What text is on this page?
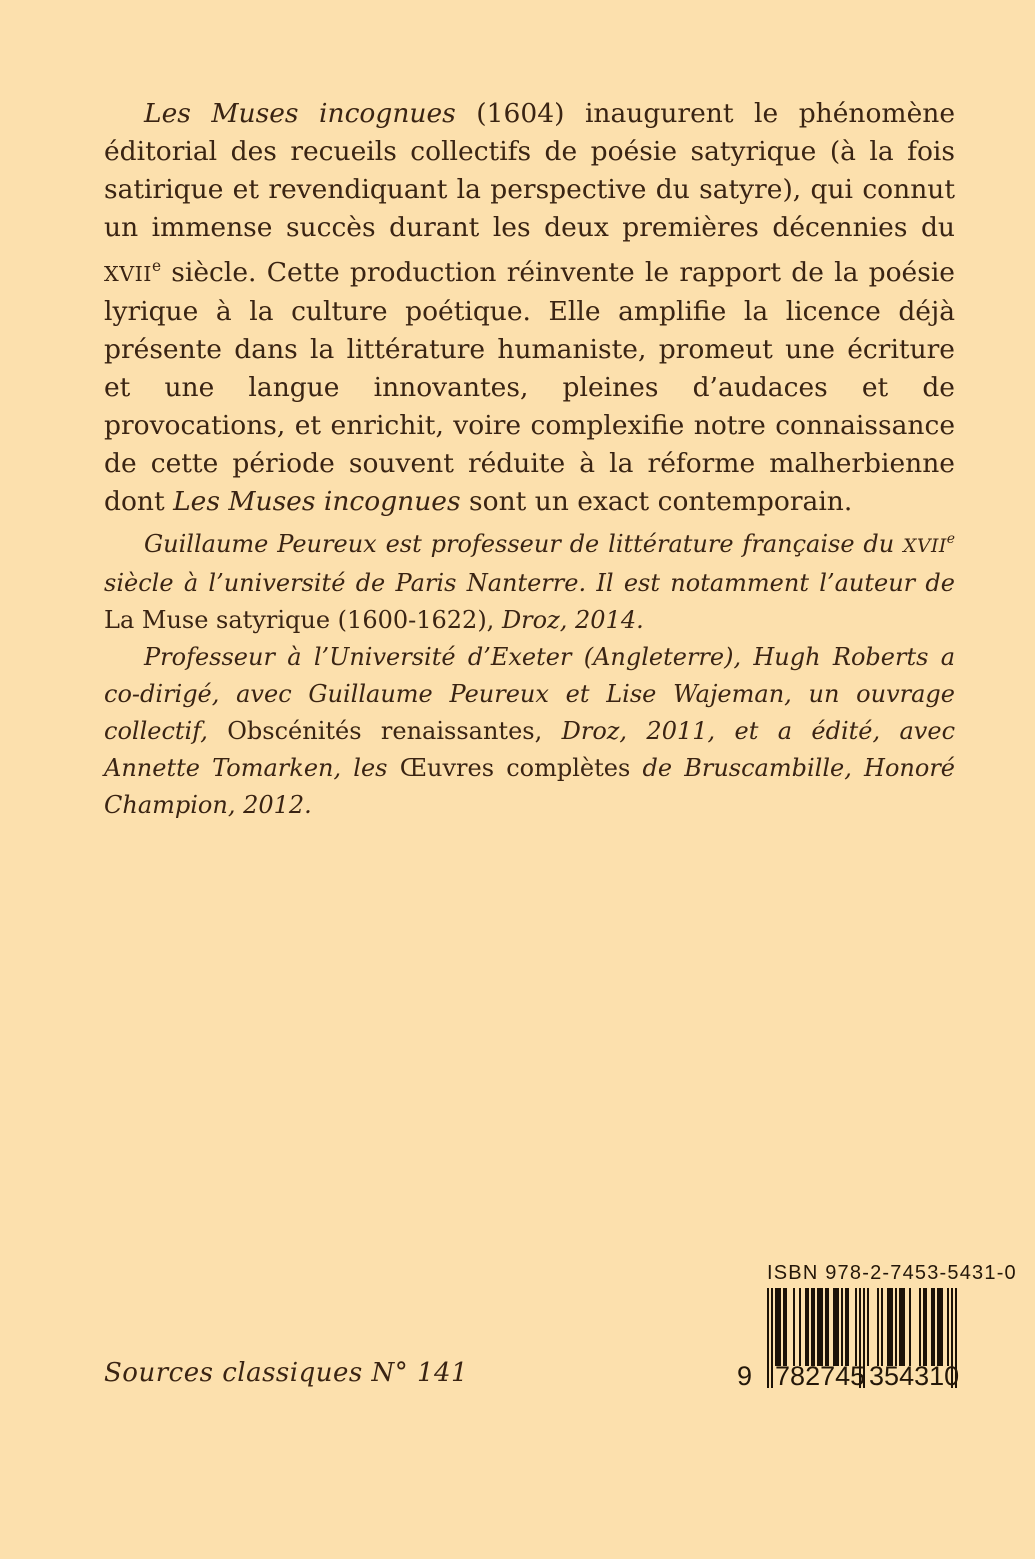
Les Muses incognues (1604) inaugurent le phénomène éditorial des recueils collectifs de poésie satyrique (à la fois satirique et revendiquant la perspective du satyre), qui connut un immense succès durant les deux premières décennies du XVIIe siècle. Cette production réinvente le rapport de la poésie lyrique à la culture poétique. Elle amplifie la licence déjà présente dans la littérature humaniste, promeut une écriture et une langue innovantes, pleines d’audaces et de provocations, et enrichit, voire complexifie notre connaissance de cette période souvent réduite à la réforme malherbienne dont Les Muses incognues sont un exact contemporain.

Guillaume Peureux est professeur de littérature française du XVIIe siècle à l’université de Paris Nanterre. Il est notamment l’auteur de La Muse satyrique (1600-1622), Droz, 2014.

Professeur à l’Université d’Exeter (Angleterre), Hugh Roberts a co-dirigé, avec Guillaume Peureux et Lise Wajeman, un ouvrage collectif, Obscénités renaissantes, Droz, 2011, et a édité, avec Annette Tomarken, les Œuvres complètes de Bruscambille, Honoré Champion, 2012.

Sources classiques N° 141
ISBN 978-2-7453-5431-0
9 7 8 2 7 4 5 3 5 4 3 1 0
